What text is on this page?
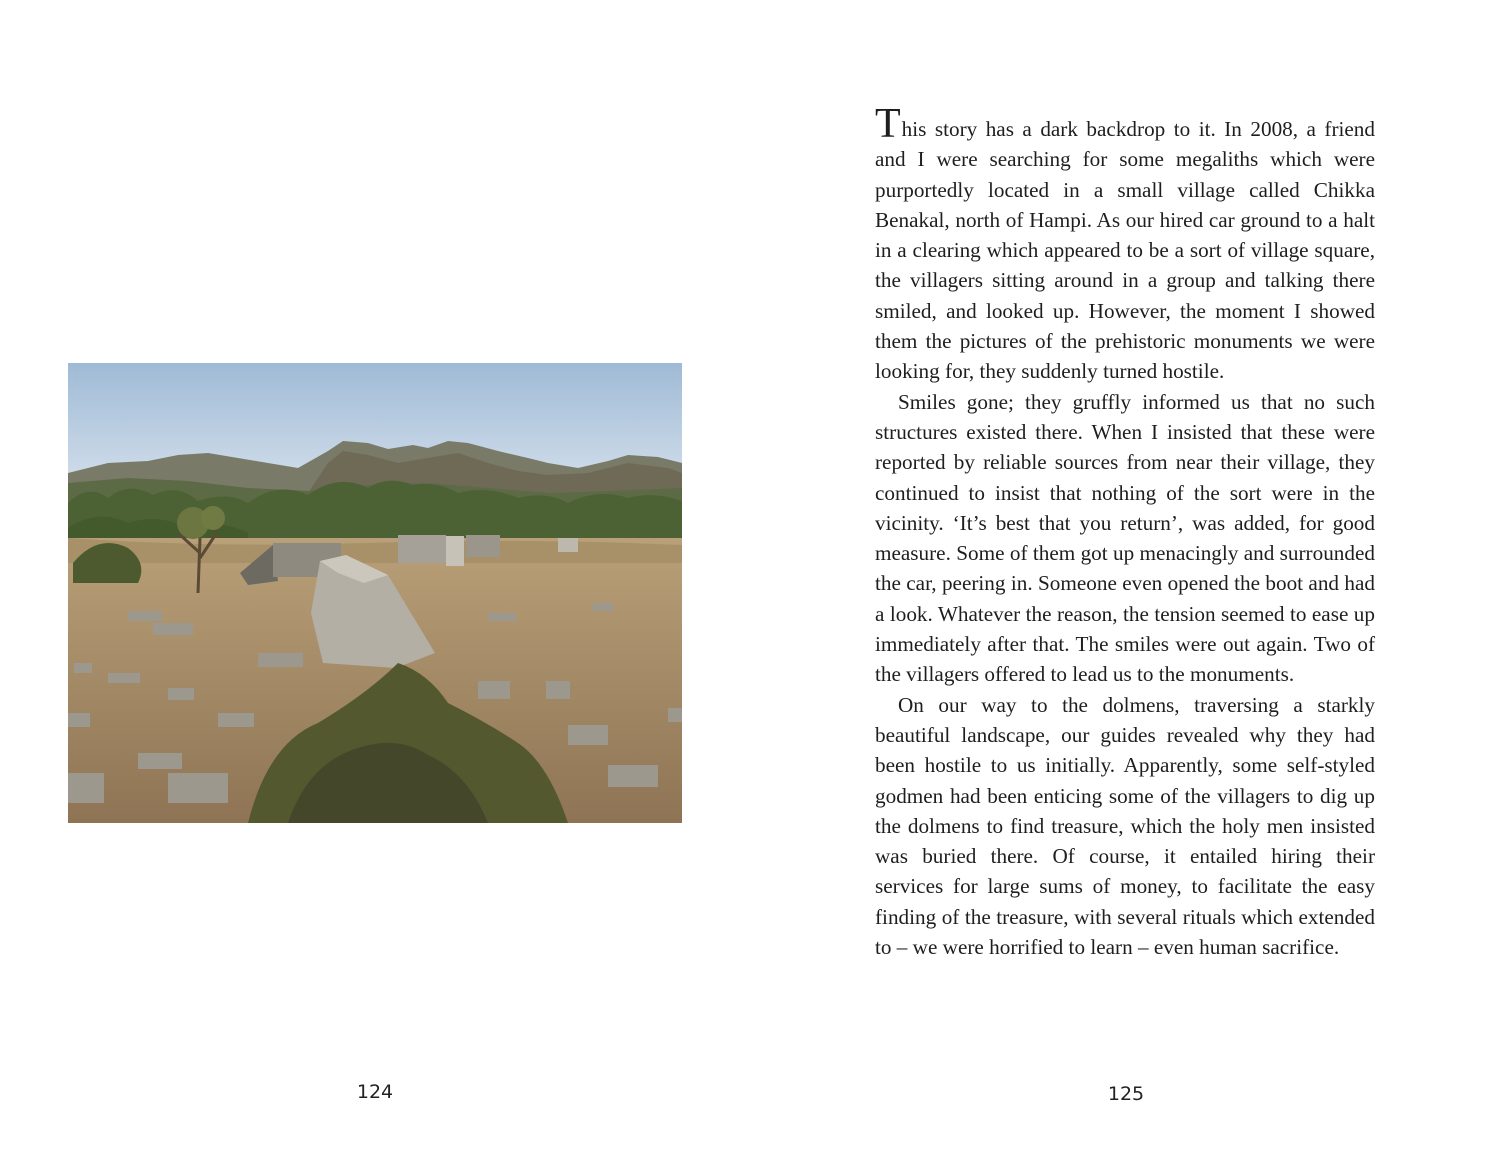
124

This story has a dark backdrop to it. In 2008, a friend and I were searching for some megaliths which were purportedly located in a small village called Chikka Benakal, north of Hampi. As our hired car ground to a halt in a clearing which appeared to be a sort of village square, the villagers sitting around in a group and talking there smiled, and looked up. However, the moment I showed them the pictures of the prehistoric monuments we were looking for, they suddenly turned hostile.

Smiles gone; they gruffly informed us that no such structures existed there. When I insisted that these were reported by reliable sources from near their village, they continued to insist that nothing of the sort were in the vicinity. ‘It’s best that you return’, was added, for good measure. Some of them got up menacingly and surrounded the car, peering in. Someone even opened the boot and had a look. Whatever the reason, the tension seemed to ease up immediately after that. The smiles were out again. Two of the villagers offered to lead us to the monuments.

On our way to the dolmens, traversing a starkly beautiful landscape, our guides revealed why they had been hostile to us initially. Apparently, some self-styled godmen had been enticing some of the villagers to dig up the dolmens to find treasure, which the holy men insisted was buried there. Of course, it entailed hiring their services for large sums of money, to facilitate the easy finding of the treasure, with several rituals which extended to – we were horrified to learn – even human sacrifice.

125
